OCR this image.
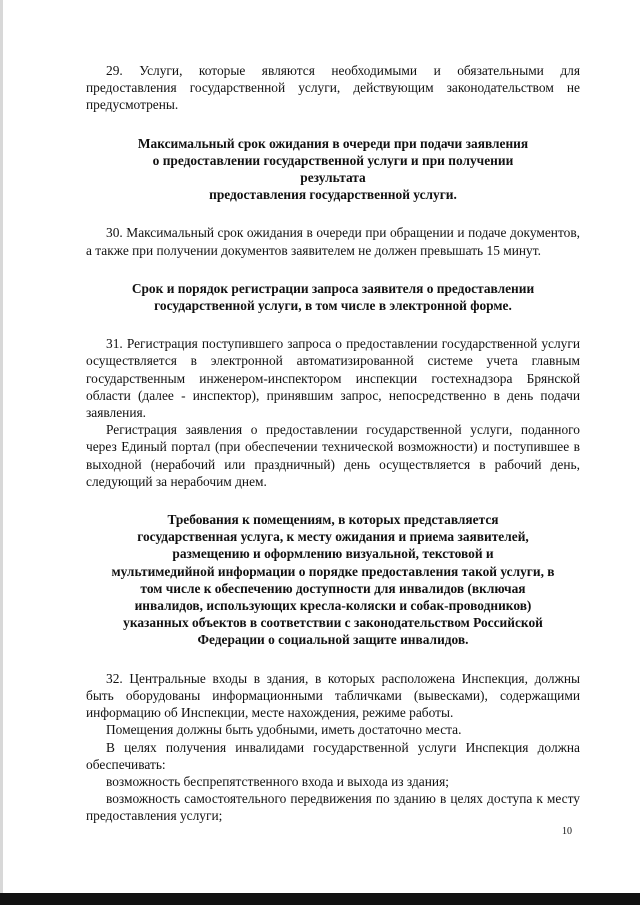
29. Услуги, которые являются необходимыми и обязательными для предоставления государственной услуги, действующим законодательством не предусмотрены.

Максимальный срок ожидания в очереди при подачи заявления
о предоставлении государственной услуги и при получении
результата
предоставления государственной услуги.

30. Максимальный срок ожидания в очереди при обращении и подаче документов, а также при получении документов заявителем не должен превышать 15 минут.

Срок и порядок регистрации запроса заявителя о предоставлении
государственной услуги, в том числе в электронной форме.

31. Регистрация поступившего запроса о предоставлении государственной услуги осуществляется в электронной автоматизированной системе учета главным государственным инженером-инспектором инспекции гостехнадзора Брянской области (далее - инспектор), принявшим запрос, непосредственно в день подачи заявления.

Регистрация заявления о предоставлении государственной услуги, поданного через Единый портал (при обеспечении технической возможности) и поступившее в выходной (нерабочий или праздничный) день осуществляется в рабочий день, следующий за нерабочим днем.

Требования к помещениям, в которых представляется
государственная услуга, к месту ожидания и приема заявителей,
размещению и оформлению визуальной, текстовой и
мультимедийной информации о порядке предоставления такой услуги, в
том числе к обеспечению доступности для инвалидов (включая
инвалидов, использующих кресла-коляски и собак-проводников)
указанных объектов в соответствии с законодательством Российской
Федерации о социальной защите инвалидов.

32. Центральные входы в здания, в которых расположена Инспекция, должны быть оборудованы информационными табличками (вывесками), содержащими информацию об Инспекции, месте нахождения, режиме работы.

Помещения должны быть удобными, иметь достаточно места.

В целях получения инвалидами государственной услуги Инспекция должна обеспечивать:

возможность беспрепятственного входа и выхода из здания;

возможность самостоятельного передвижения по зданию в целях доступа к месту предоставления услуги;

10
